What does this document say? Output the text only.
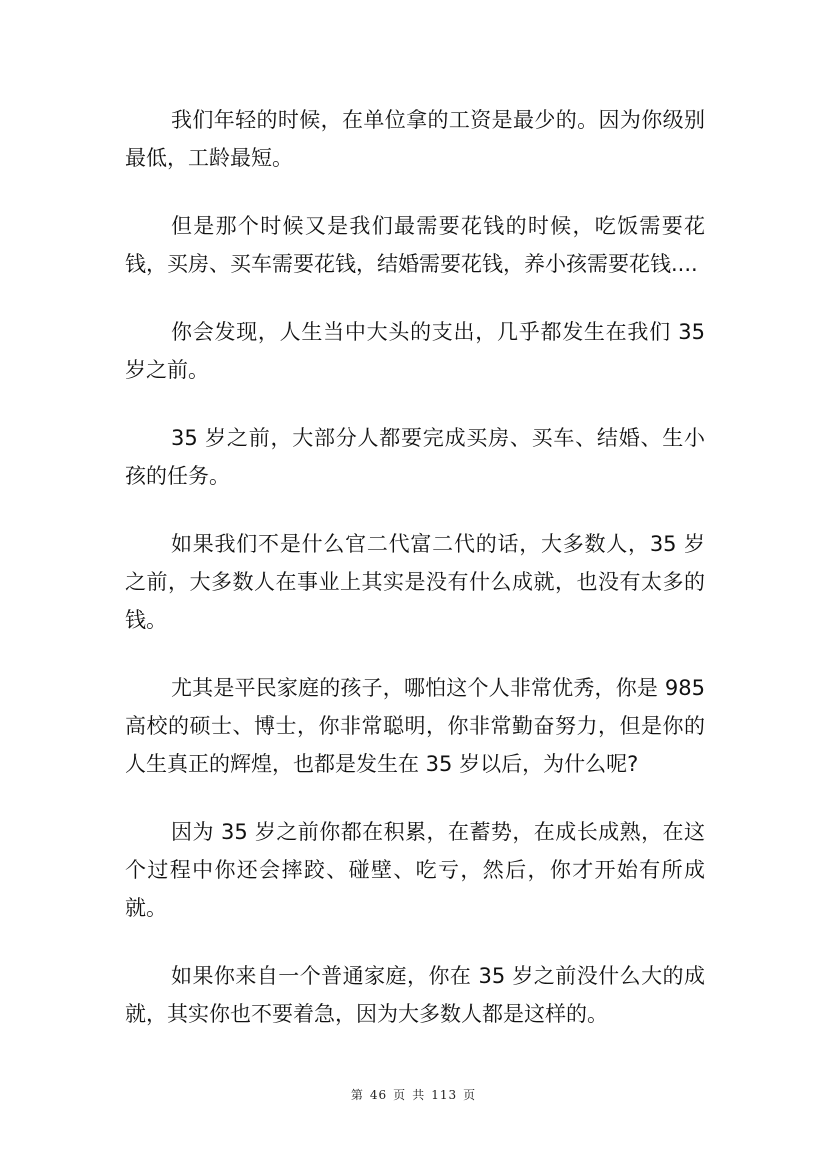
我们年轻的时候，在单位拿的工资是最少的。因为你级别最低，工龄最短。

但是那个时候又是我们最需要花钱的时候，吃饭需要花钱，买房、买车需要花钱，结婚需要花钱，养小孩需要花钱....

你会发现，人生当中大头的支出，几乎都发生在我们 35 岁之前。

35 岁之前，大部分人都要完成买房、买车、结婚、生小孩的任务。

如果我们不是什么官二代富二代的话，大多数人，35 岁之前，大多数人在事业上其实是没有什么成就，也没有太多的钱。

尤其是平民家庭的孩子，哪怕这个人非常优秀，你是 985 高校的硕士、博士，你非常聪明，你非常勤奋努力，但是你的人生真正的辉煌，也都是发生在 35 岁以后，为什么呢?

因为 35 岁之前你都在积累，在蓄势，在成长成熟，在这个过程中你还会摔跤、碰壁、吃亏，然后，你才开始有所成就。

如果你来自一个普通家庭，你在 35 岁之前没什么大的成就，其实你也不要着急，因为大多数人都是这样的。

第 46 页 共 113 页
